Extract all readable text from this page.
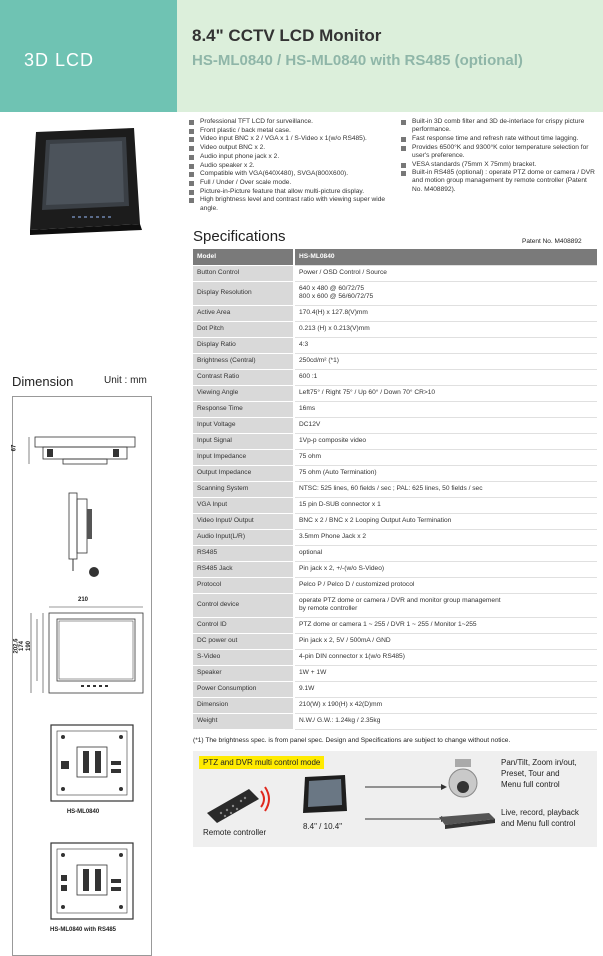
3D LCD
8.4" CCTV LCD Monitor
HS-ML0840 / HS-ML0840 with RS485 (optional)
Dimension	Unit : mm
67
210
202.6 174 190
HS-ML0840
HS-ML0840 with RS485
Professional TFT LCD for surveillance.
Front plastic / back metal case.
Video input BNC x 2 / VGA x 1 / S-Video x 1(w/o RS485).
Video output BNC x 2.
Audio input phone jack x 2.
Audio speaker x 2.
Compatible with VGA(640X480), SVGA(800X600).
Full / Under / Over scale mode.
Picture-in-Picture feature that allow multi-picture display.
High brightness level and contrast ratio with viewing super wide angle.
Built-in 3D comb filter and 3D de-interlace for crispy picture performance.
Fast response time and refresh rate without time lagging.
Provides 6500°K and 9300°K color temperature selection for user's preference.
VESA standards (75mm X 75mm) bracket.
Built-in RS485 (optional) : operate PTZ dome or camera / DVR and motion group management by remote controller (Patent No. M408892).
Specifications	Patent No. M408892
Model	HS-ML0840
Button Control	Power / OSD Control / Source
Display Resolution	640 x 480 @ 60/72/75
800 x 600 @ 56/60/72/75
Active Area	170.4(H) x 127.8(V)mm
Dot Pitch	0.213 (H) x 0.213(V)mm
Display Ratio	4:3
Brightness (Central)	250cd/m² (*1)
Contrast Ratio	600 :1
Viewing Angle	Left75° / Right 75° / Up 60° / Down 70° CR>10
Response Time	16ms
Input Voltage	DC12V
Input Signal	1Vp-p composite video
Input Impedance	75 ohm
Output Impedance	75 ohm (Auto Termination)
Scanning System	NTSC: 525 lines, 60 fields / sec ; PAL: 625 lines, 50 fields / sec
VGA Input	15 pin D-SUB connector x 1
Video Input/ Output	BNC x 2 / BNC x 2 Looping Output Auto Termination
Audio Input(L/R)	3.5mm Phone Jack x 2
RS485	optional
RS485 Jack	Pin jack x 2, +/-(w/o S-Video)
Protocol	Pelco P / Pelco D / customized protocol
Control device	operate PTZ dome or camera / DVR and monitor group management
by remote controller
Control ID	PTZ dome or camera 1 ~ 255 / DVR 1 ~ 255 / Monitor 1~255
DC power out	Pin jack x 2, 5V / 500mA / GND
S-Video	4-pin DIN connector x 1(w/o RS485)
Speaker	1W + 1W
Power Consumption	9.1W
Dimension	210(W) x 190(H) x 42(D)mm
Weight	N.W./ G.W.: 1.24kg / 2.35kg
(*1) The brightness spec. is from panel spec. Design and Specifications are subject to change without notice.
PTZ and DVR multi control mode
Remote controller
8.4" / 10.4"
Pan/Tilt, Zoom in/out,
Preset, Tour and
Menu full control
Live, record, playback
and Menu full control
